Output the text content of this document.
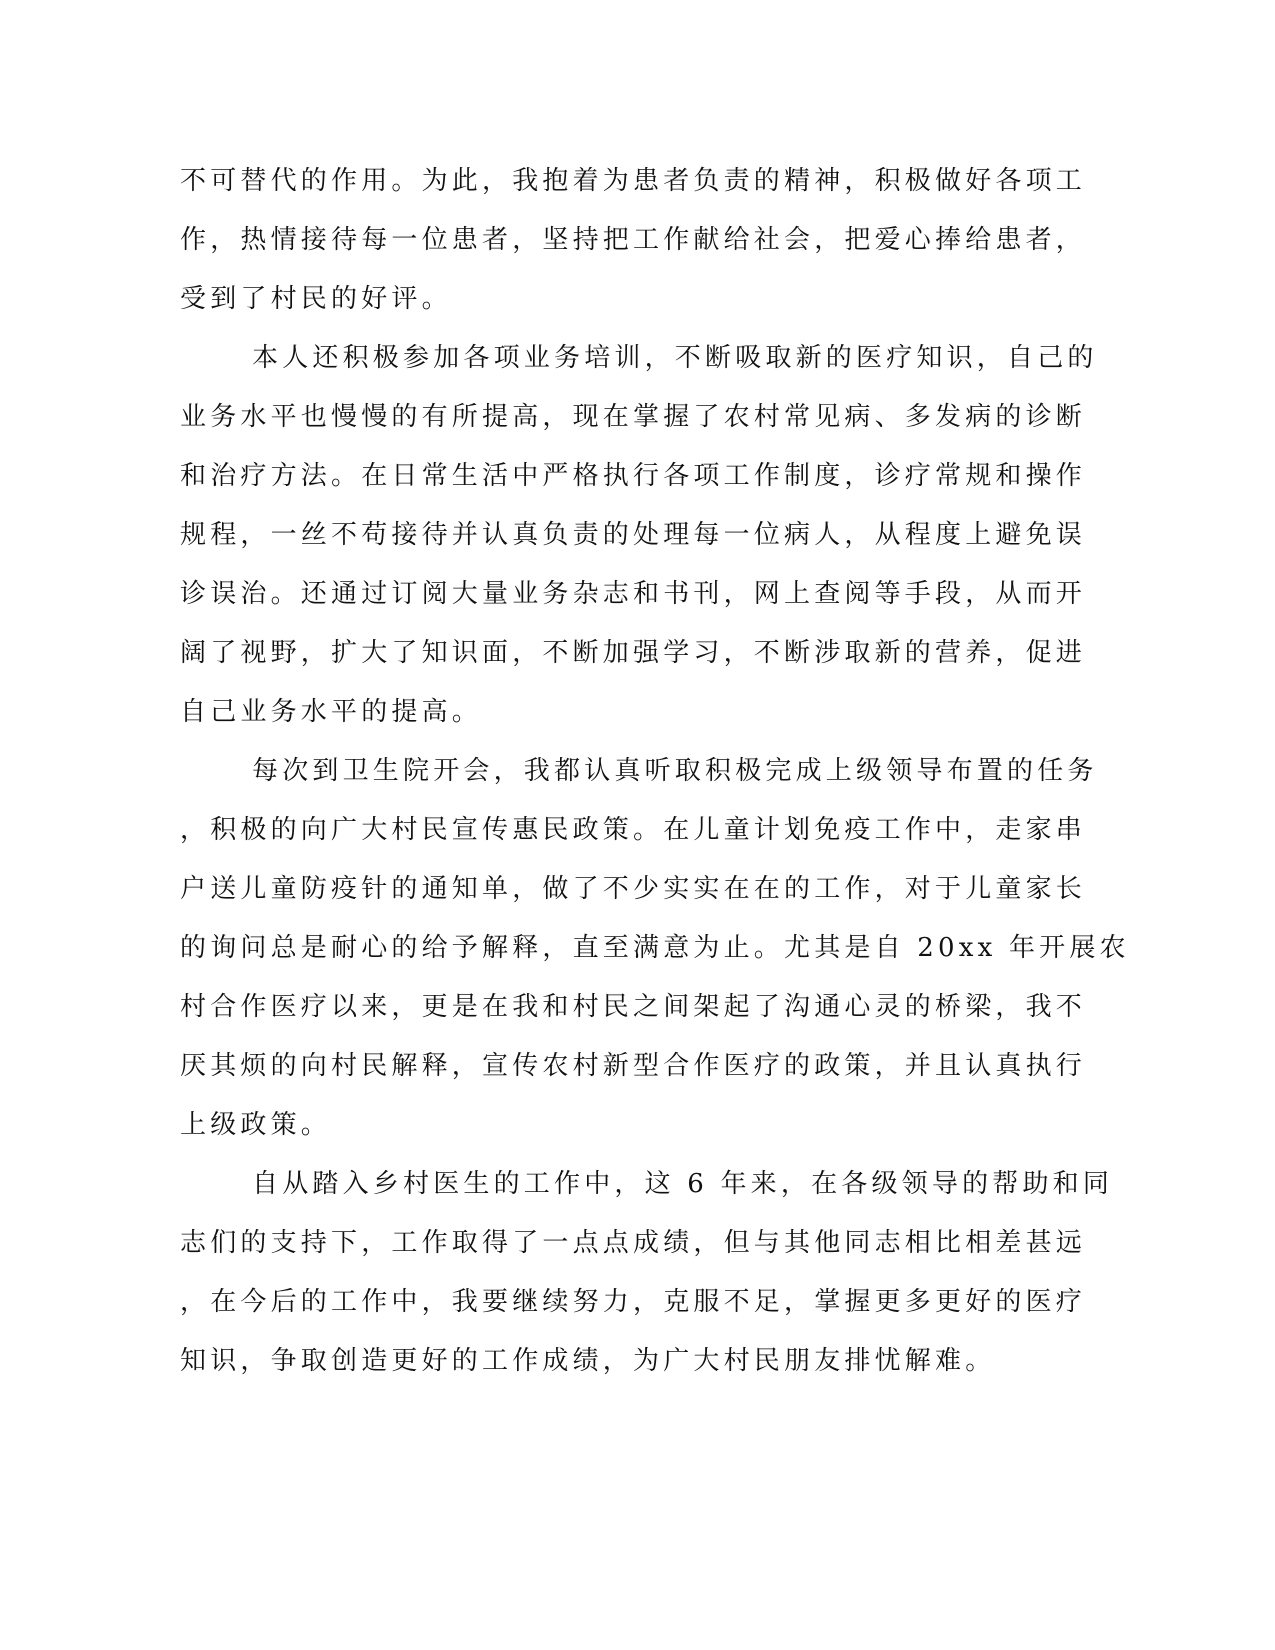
不可替代的作用。为此，我抱着为患者负责的精神，积极做好各项工
作，热情接待每一位患者，坚持把工作献给社会，把爱心捧给患者，
受到了村民的好评。
本人还积极参加各项业务培训，不断吸取新的医疗知识，自己的
业务水平也慢慢的有所提高，现在掌握了农村常见病、多发病的诊断
和治疗方法。在日常生活中严格执行各项工作制度，诊疗常规和操作
规程，一丝不苟接待并认真负责的处理每一位病人，从程度上避免误
诊误治。还通过订阅大量业务杂志和书刊，网上查阅等手段，从而开
阔了视野，扩大了知识面，不断加强学习，不断涉取新的营养，促进
自己业务水平的提高。
每次到卫生院开会，我都认真听取积极完成上级领导布置的任务
，积极的向广大村民宣传惠民政策。在儿童计划免疫工作中，走家串
户送儿童防疫针的通知单，做了不少实实在在的工作，对于儿童家长
的询问总是耐心的给予解释，直至满意为止。尤其是自 20xx 年开展农
村合作医疗以来，更是在我和村民之间架起了沟通心灵的桥梁，我不
厌其烦的向村民解释，宣传农村新型合作医疗的政策，并且认真执行
上级政策。
自从踏入乡村医生的工作中，这 6 年来，在各级领导的帮助和同
志们的支持下，工作取得了一点点成绩，但与其他同志相比相差甚远
，在今后的工作中，我要继续努力，克服不足，掌握更多更好的医疗
知识，争取创造更好的工作成绩，为广大村民朋友排忧解难。
